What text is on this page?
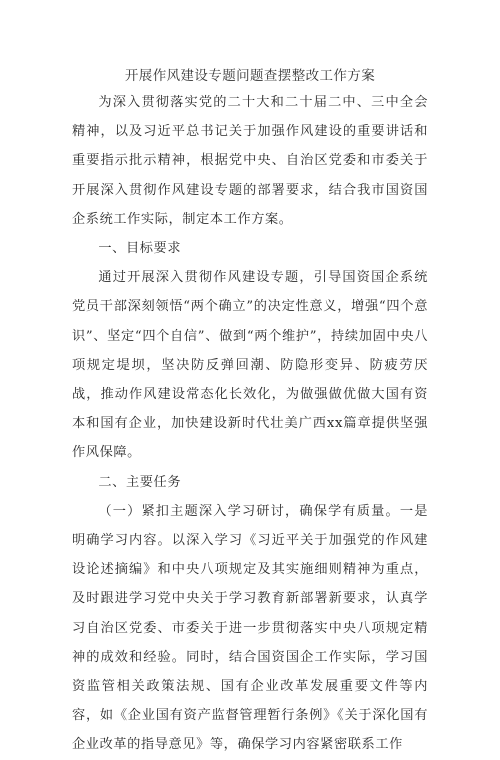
开展作风建设专题问题查摆整改工作方案

为深入贯彻落实党的二十大和二十届二中、三中全会精神，以及习近平总书记关于加强作风建设的重要讲话和重要指示批示精神，根据党中央、自治区党委和市委关于开展深入贯彻作风建设专题的部署要求，结合我市国资国企系统工作实际，制定本工作方案。

一、目标要求

通过开展深入贯彻作风建设专题，引导国资国企系统党员干部深刻领悟“两个确立”的决定性意义，增强“四个意识”、坚定“四个自信”、做到“两个维护”，持续加固中央八项规定堤坝，坚决防反弹回潮、防隐形变异、防疲劳厌战，推动作风建设常态化长效化，为做强做优做大国有资本和国有企业，加快建设新时代壮美广西xx篇章提供坚强作风保障。

二、主要任务

（一）紧扣主题深入学习研讨，确保学有质量。一是明确学习内容。以深入学习《习近平关于加强党的作风建设论述摘编》和中央八项规定及其实施细则精神为重点，及时跟进学习党中央关于学习教育新部署新要求，认真学习自治区党委、市委关于进一步贯彻落实中央八项规定精神的成效和经验。同时，结合国资国企工作实际，学习国资监管相关政策法规、国有企业改革发展重要文件等内容，如《企业国有资产监督管理暂行条例》《关于深化国有企业改革的指导意见》等，确保学习内容紧密联系工作
